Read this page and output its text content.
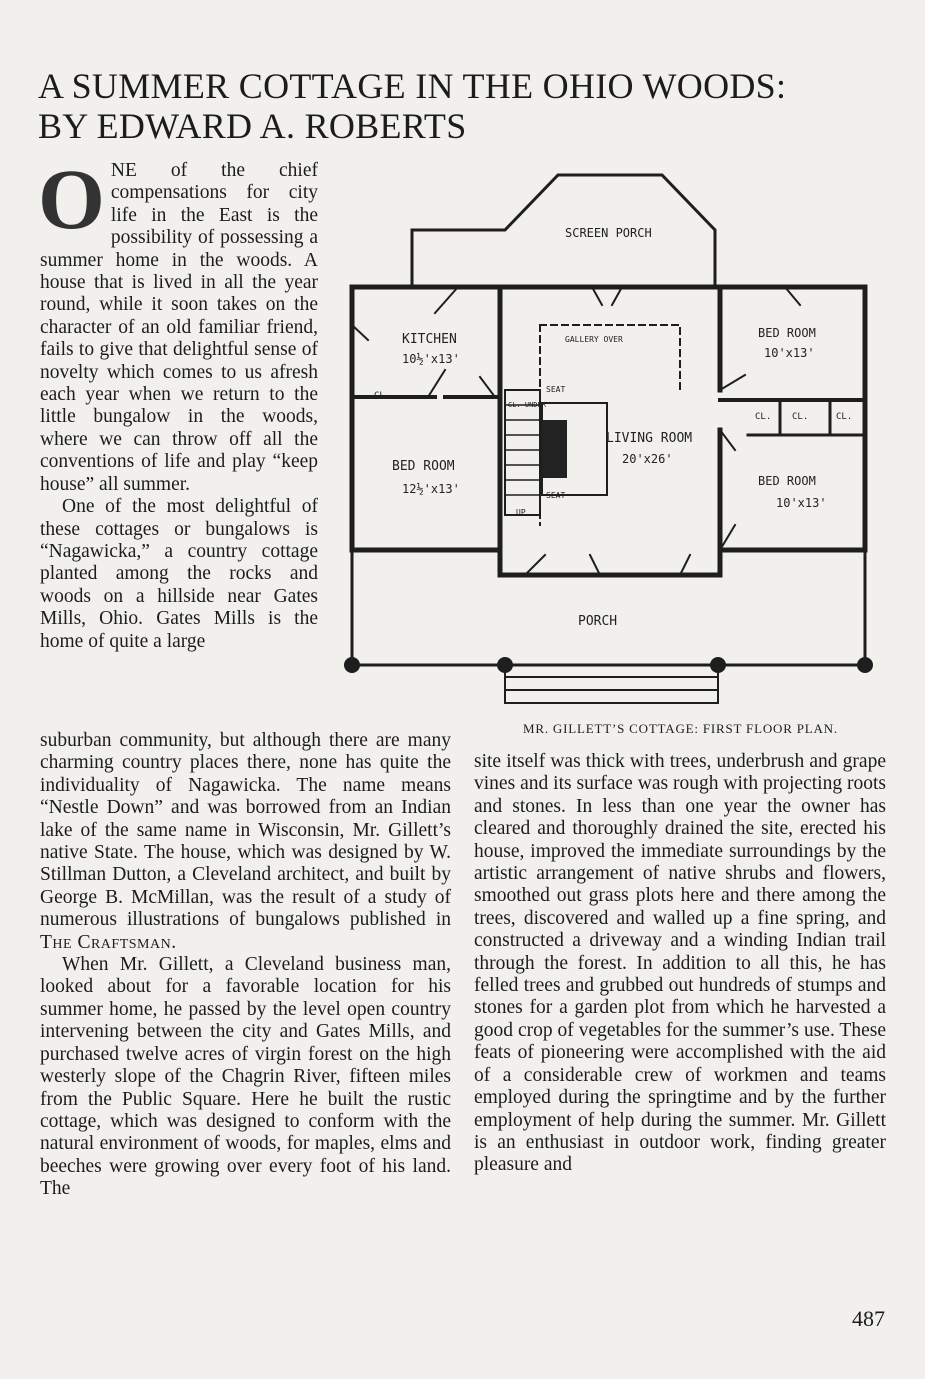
A SUMMER COTTAGE IN THE OHIO WOODS:
BY EDWARD A. ROBERTS

ONE of the chief compensations for city life in the East is the possibility of possessing a summer home in the woods. A house that is lived in all the year round, while it soon takes on the character of an old familiar friend, fails to give that delightful sense of novelty which comes to us afresh each year when we return to the little bungalow in the woods, where we can throw off all the conventions of life and play “keep house” all summer.

One of the most delightful of these cottages or bungalows is “Nagawicka,” a country cottage planted among the rocks and woods on a hillside near Gates Mills, Ohio. Gates Mills is the home of quite a large

SCREEN PORCH
KITCHEN
10½'x13'
GALLERY OVER	BED ROOM
10'x13'
CL.
CL. UNDER
SEAT
SEAT
LIVING ROOM
20'x26'
CL. CL.	CL.
BED ROOM
12½'x13'
BED ROOM
10'x13'
UP
PORCH
MR. GILLETT’S COTTAGE: FIRST FLOOR PLAN.

suburban community, but although there are many charming country places there, none has quite the individuality of Nagawicka. The name means “Nestle Down” and was borrowed from an Indian lake of the same name in Wisconsin, Mr. Gillett’s native State. The house, which was designed by W. Stillman Dutton, a Cleveland architect, and built by George B. McMillan, was the result of a study of numerous illustrations of bungalows published in The Craftsman.

When Mr. Gillett, a Cleveland business man, looked about for a favorable location for his summer home, he passed by the level open country intervening between the city and Gates Mills, and purchased twelve acres of virgin forest on the high westerly slope of the Chagrin River, fifteen miles from the Public Square. Here he built the rustic cottage, which was designed to conform with the natural environment of woods, for maples, elms and beeches were growing over every foot of his land. The

site itself was thick with trees, underbrush and grape vines and its surface was rough with projecting roots and stones. In less than one year the owner has cleared and thoroughly drained the site, erected his house, improved the immediate surroundings by the artistic arrangement of native shrubs and flowers, smoothed out grass plots here and there among the trees, discovered and walled up a fine spring, and constructed a driveway and a winding Indian trail through the forest. In addition to all this, he has felled trees and grubbed out hundreds of stumps and stones for a garden plot from which he harvested a good crop of vegetables for the summer’s use. These feats of pioneering were accomplished with the aid of a considerable crew of workmen and teams employed during the springtime and by the further employment of help during the summer. Mr. Gillett is an enthusiast in outdoor work, finding greater pleasure and

487
